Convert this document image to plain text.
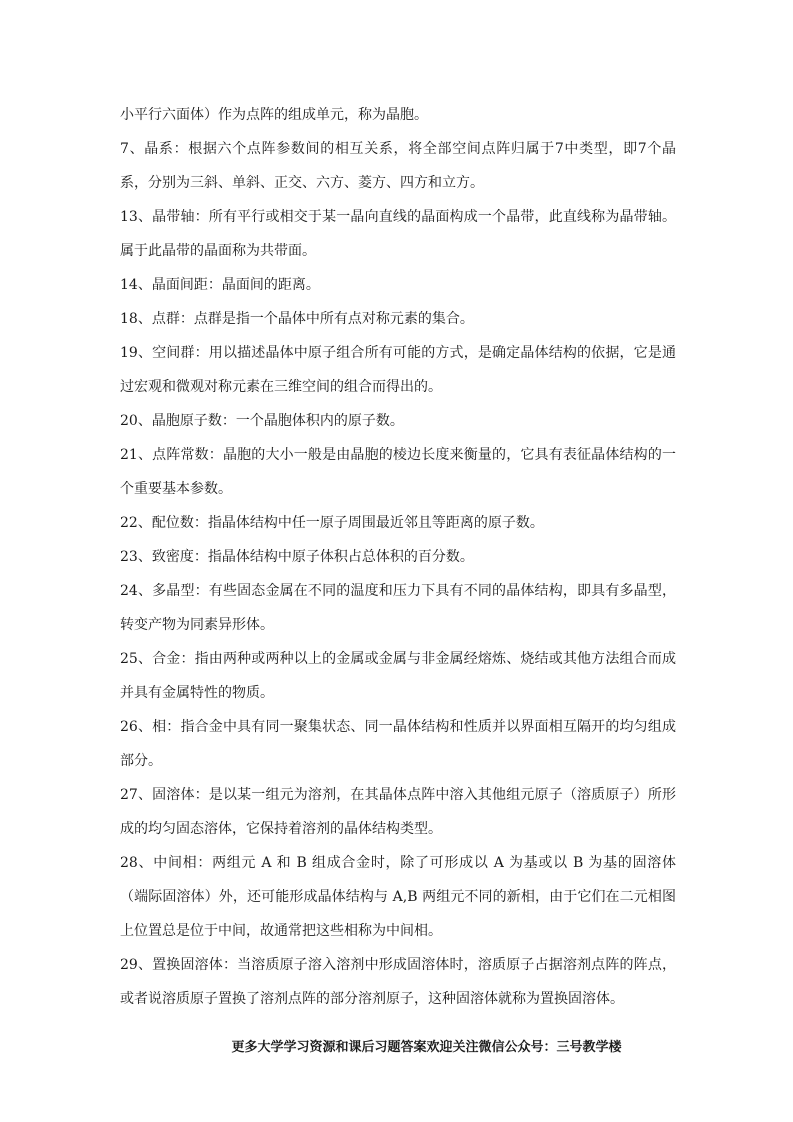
小平行六面体）作为点阵的组成单元，称为晶胞。

7、晶系：根据六个点阵参数间的相互关系，将全部空间点阵归属于7中类型，即7个晶系，分别为三斜、单斜、正交、六方、菱方、四方和立方。

13、晶带轴：所有平行或相交于某一晶向直线的晶面构成一个晶带，此直线称为晶带轴。属于此晶带的晶面称为共带面。

14、晶面间距：晶面间的距离。

18、点群：点群是指一个晶体中所有点对称元素的集合。

19、空间群：用以描述晶体中原子组合所有可能的方式，是确定晶体结构的依据，它是通过宏观和微观对称元素在三维空间的组合而得出的。

20、晶胞原子数：一个晶胞体积内的原子数。

21、点阵常数：晶胞的大小一般是由晶胞的棱边长度来衡量的，它具有表征晶体结构的一个重要基本参数。

22、配位数：指晶体结构中任一原子周围最近邻且等距离的原子数。

23、致密度：指晶体结构中原子体积占总体积的百分数。

24、多晶型：有些固态金属在不同的温度和压力下具有不同的晶体结构，即具有多晶型，转变产物为同素异形体。

25、合金：指由两种或两种以上的金属或金属与非金属经熔炼、烧结或其他方法组合而成并具有金属特性的物质。

26、相：指合金中具有同一聚集状态、同一晶体结构和性质并以界面相互隔开的均匀组成部分。

27、固溶体：是以某一组元为溶剂，在其晶体点阵中溶入其他组元原子（溶质原子）所形成的均匀固态溶体，它保持着溶剂的晶体结构类型。

28、中间相：两组元 A 和 B 组成合金时，除了可形成以 A 为基或以 B 为基的固溶体（端际固溶体）外，还可能形成晶体结构与 A,B 两组元不同的新相，由于它们在二元相图上位置总是位于中间，故通常把这些相称为中间相。

29、置换固溶体：当溶质原子溶入溶剂中形成固溶体时，溶质原子占据溶剂点阵的阵点，或者说溶质原子置换了溶剂点阵的部分溶剂原子，这种固溶体就称为置换固溶体。

更多大学学习资源和课后习题答案欢迎关注微信公众号：三号教学楼
